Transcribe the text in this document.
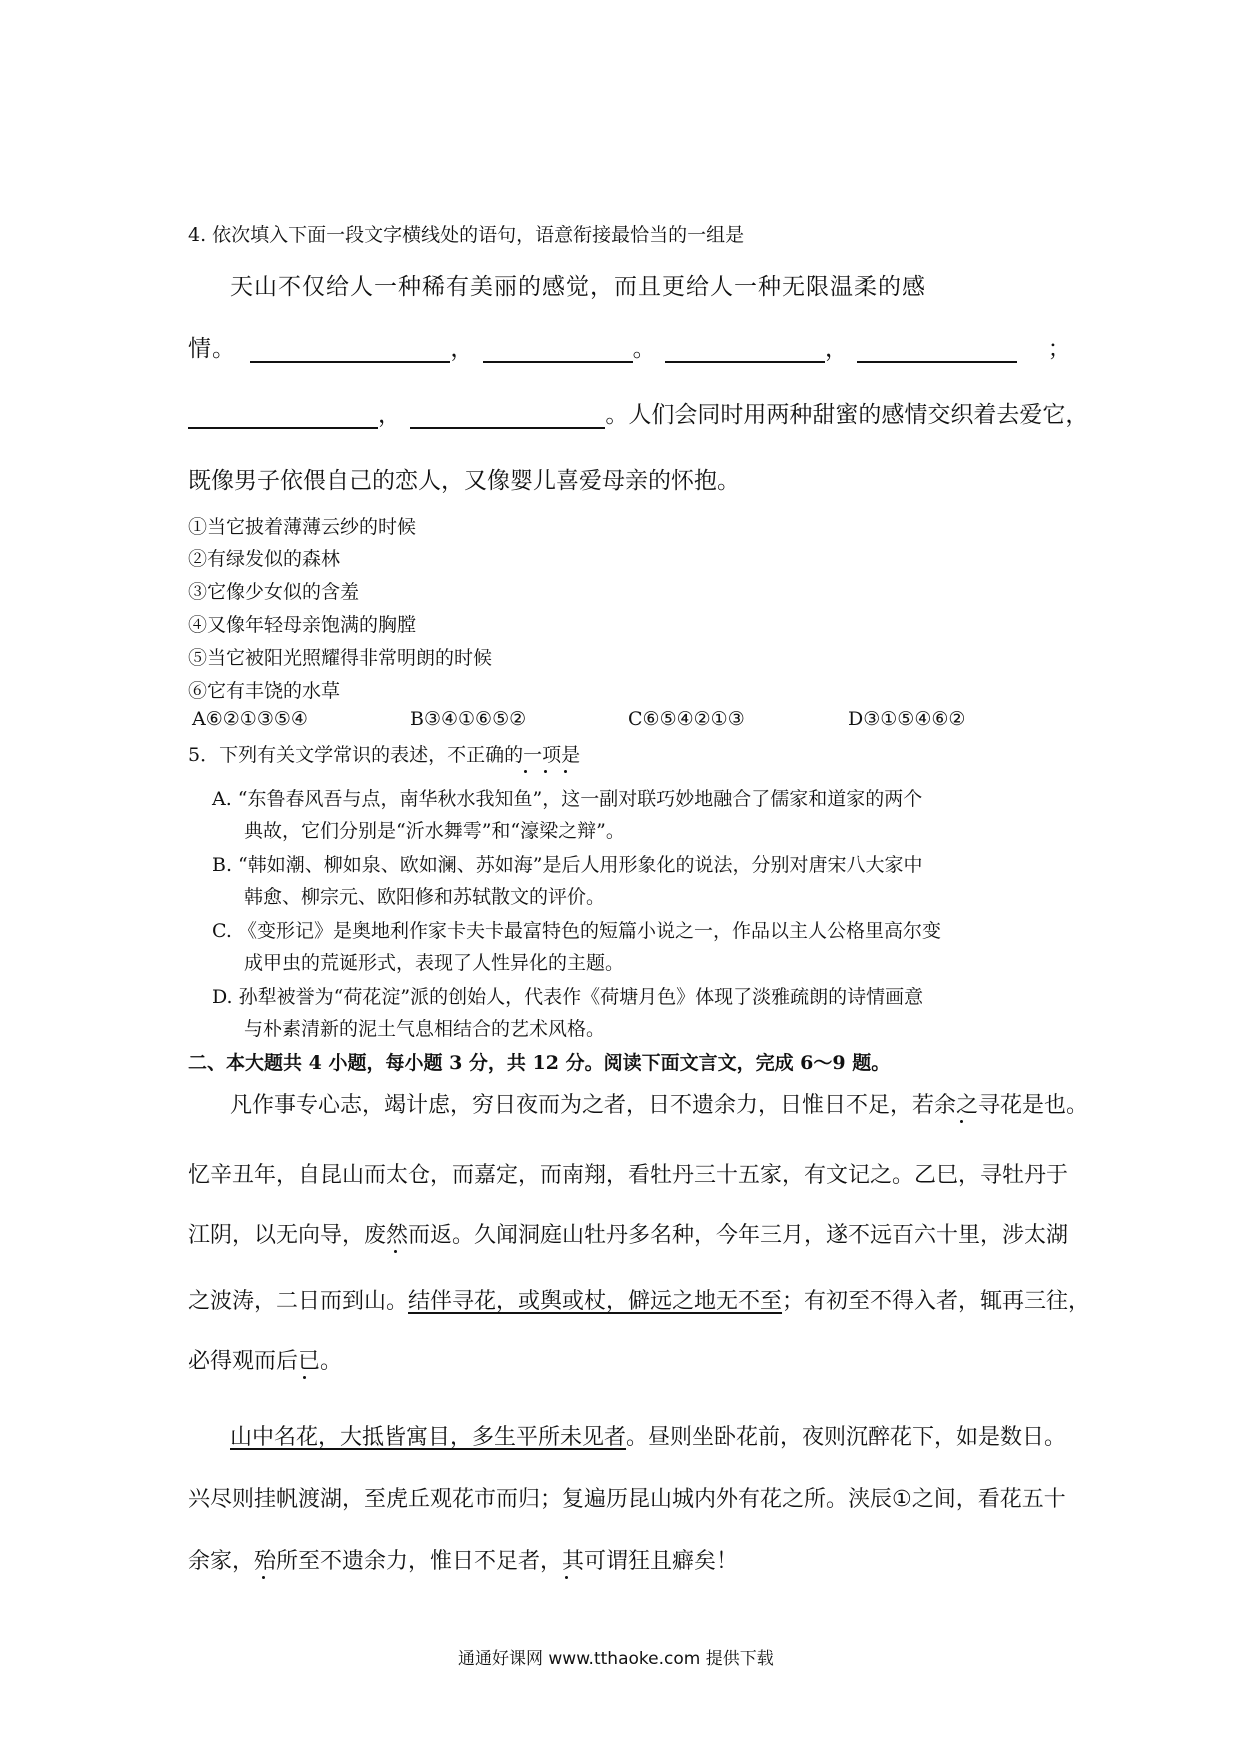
4. 依次填入下面一段文字横线处的语句，语意衔接最恰当的一组是
天山不仅给人一种稀有美丽的感觉，而且更给人一种无限温柔的感
情。	，	。	，	；
，	。人们会同时用两种甜蜜的感情交织着去爱它，
既像男子依偎自己的恋人，又像婴儿喜爱母亲的怀抱。
①当它披着薄薄云纱的时候
②有绿发似的森林
③它像少女似的含羞
④又像年轻母亲饱满的胸膛
⑤当它被阳光照耀得非常明朗的时候
⑥它有丰饶的水草
A⑥②①③⑤④	B③④①⑥⑤②	C⑥⑤④②①③	D③①⑤④⑥②
5．下列有关文学常识的表述，不正确的一项是
A. “东鲁春风吾与点，南华秋水我知鱼”，这一副对联巧妙地融合了儒家和道家的两个
典故，它们分别是“沂水舞雩”和“濠梁之辩”。
B. “韩如潮、柳如泉、欧如澜、苏如海”是后人用形象化的说法，分别对唐宋八大家中
韩愈、柳宗元、欧阳修和苏轼散文的评价。
C. 《变形记》是奥地利作家卡夫卡最富特色的短篇小说之一，作品以主人公格里高尔变
成甲虫的荒诞形式，表现了人性异化的主题。
D. 孙犁被誉为“荷花淀”派的创始人，代表作《荷塘月色》体现了淡雅疏朗的诗情画意
与朴素清新的泥土气息相结合的艺术风格。
二、本大题共 4 小题，每小题 3 分，共 12 分。阅读下面文言文，完成 6～9 题。
凡作事专心志，竭计虑，穷日夜而为之者，日不遗余力，日惟日不足，若余之寻花是也。
忆辛丑年，自昆山而太仓，而嘉定，而南翔，看牡丹三十五家，有文记之。乙巳，寻牡丹于
江阴，以无向导，废然而返。久闻洞庭山牡丹多名种，今年三月，遂不远百六十里，涉太湖
之波涛，二日而到山。结伴寻花，或舆或杖，僻远之地无不至；有初至不得入者，辄再三往，
必得观而后已。
山中名花，大抵皆寓目，多生平所未见者。昼则坐卧花前，夜则沉醉花下，如是数日。
兴尽则挂帆渡湖，至虎丘观花市而归；复遍历昆山城内外有花之所。浃辰①之间，看花五十
余家，殆所至不遗余力，惟日不足者，其可谓狂且癖矣！
通通好课网 www.tthaoke.com 提供下载
